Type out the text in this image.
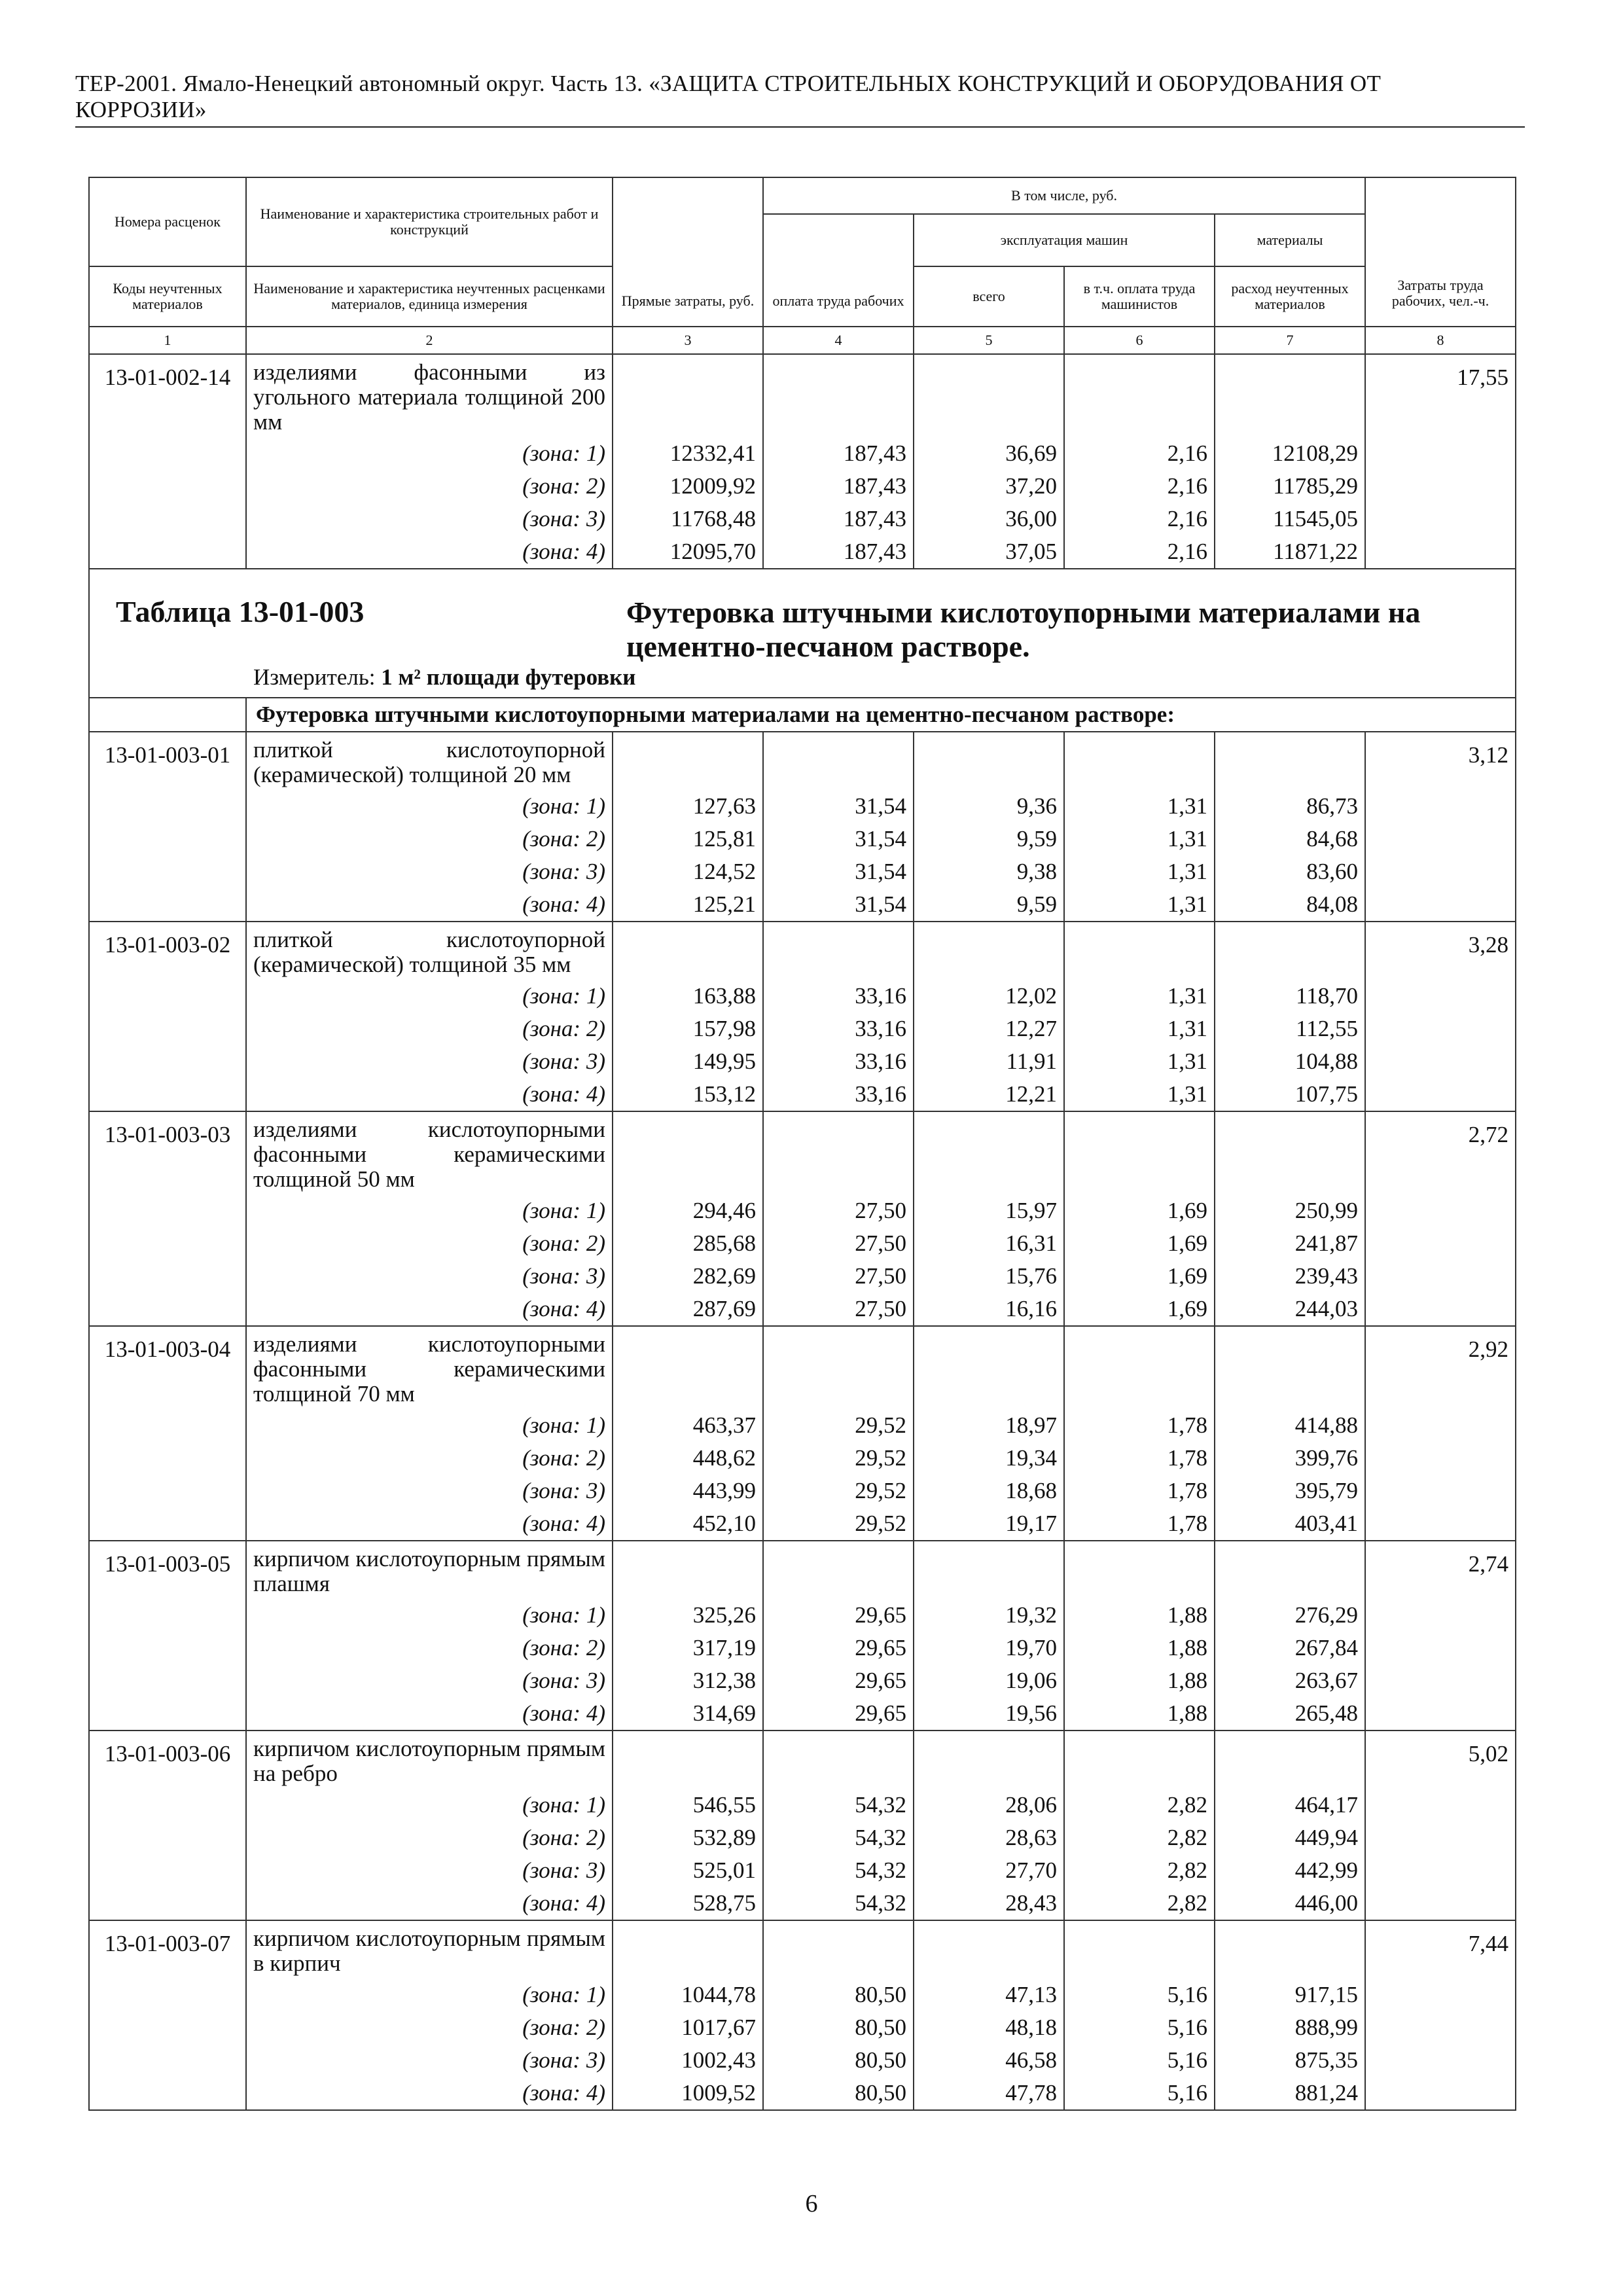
ТЕР-2001. Ямало-Ненецкий автономный округ. Часть 13. «ЗАЩИТА СТРОИТЕЛЬНЫХ КОНСТРУКЦИЙ И ОБОРУДОВАНИЯ ОТ
КОРРОЗИИ»
Номера расценок	Наименование и характеристика строительных работ и конструкций	Прямые затраты, руб.	В том числе, руб.				Затраты труда рабочих, чел.-ч.
			оплата труда рабочих	эксплуатация машин		материалы	
Коды неучтенных материалов	Наименование и характеристика неучтенных расценками материалов, единица измерения			всего	в т.ч. оплата труда машинистов	расход неучтенных материалов	
1	2	3	4	5	6	7	8
13-01-002-14	изделиями фасонными из угольного материала толщиной 200 мм						17,55
	(зона: 1)	12332,41	187,43	36,69	2,16	12108,29	
	(зона: 2)	12009,92	187,43	37,20	2,16	11785,29	
	(зона: 3)	11768,48	187,43	36,00	2,16	11545,05	
	(зона: 4)	12095,70	187,43	37,05	2,16	11871,22	

Таблица 13-01-003 Футеровка штучными кислотоупорными материалами на цементно-песчаном растворе.
Измеритель: 1 м² площади футеровки							

	Футеровка штучными кислотоупорными материалами на цементно-песчаном растворе:						
13-01-003-01	плиткой кислотоупорной (керамической) толщиной 20 мм						3,12
	(зона: 1)	127,63	31,54	9,36	1,31	86,73	
	(зона: 2)	125,81	31,54	9,59	1,31	84,68	
	(зона: 3)	124,52	31,54	9,38	1,31	83,60	
	(зона: 4)	125,21	31,54	9,59	1,31	84,08	
13-01-003-02	плиткой кислотоупорной (керамической) толщиной 35 мм						3,28
	(зона: 1)	163,88	33,16	12,02	1,31	118,70	
	(зона: 2)	157,98	33,16	12,27	1,31	112,55	
	(зона: 3)	149,95	33,16	11,91	1,31	104,88	
	(зона: 4)	153,12	33,16	12,21	1,31	107,75	
13-01-003-03	изделиями кислотоупорными фасонными керамическими толщиной 50 мм						2,72
	(зона: 1)	294,46	27,50	15,97	1,69	250,99	
	(зона: 2)	285,68	27,50	16,31	1,69	241,87	
	(зона: 3)	282,69	27,50	15,76	1,69	239,43	
	(зона: 4)	287,69	27,50	16,16	1,69	244,03	
13-01-003-04	изделиями кислотоупорными фасонными керамическими толщиной 70 мм						2,92
	(зона: 1)	463,37	29,52	18,97	1,78	414,88	
	(зона: 2)	448,62	29,52	19,34	1,78	399,76	
	(зона: 3)	443,99	29,52	18,68	1,78	395,79	
	(зона: 4)	452,10	29,52	19,17	1,78	403,41	
13-01-003-05	кирпичом кислотоупорным прямым плашмя						2,74
	(зона: 1)	325,26	29,65	19,32	1,88	276,29	
	(зона: 2)	317,19	29,65	19,70	1,88	267,84	
	(зона: 3)	312,38	29,65	19,06	1,88	263,67	
	(зона: 4)	314,69	29,65	19,56	1,88	265,48	
13-01-003-06	кирпичом кислотоупорным прямым на ребро						5,02
	(зона: 1)	546,55	54,32	28,06	2,82	464,17	
	(зона: 2)	532,89	54,32	28,63	2,82	449,94	
	(зона: 3)	525,01	54,32	27,70	2,82	442,99	
	(зона: 4)	528,75	54,32	28,43	2,82	446,00	
13-01-003-07	кирпичом кислотоупорным прямым в кирпич						7,44
	(зона: 1)	1044,78	80,50	47,13	5,16	917,15	
	(зона: 2)	1017,67	80,50	48,18	5,16	888,99	
	(зона: 3)	1002,43	80,50	46,58	5,16	875,35	
	(зона: 4)	1009,52	80,50	47,78	5,16	881,24	
6
